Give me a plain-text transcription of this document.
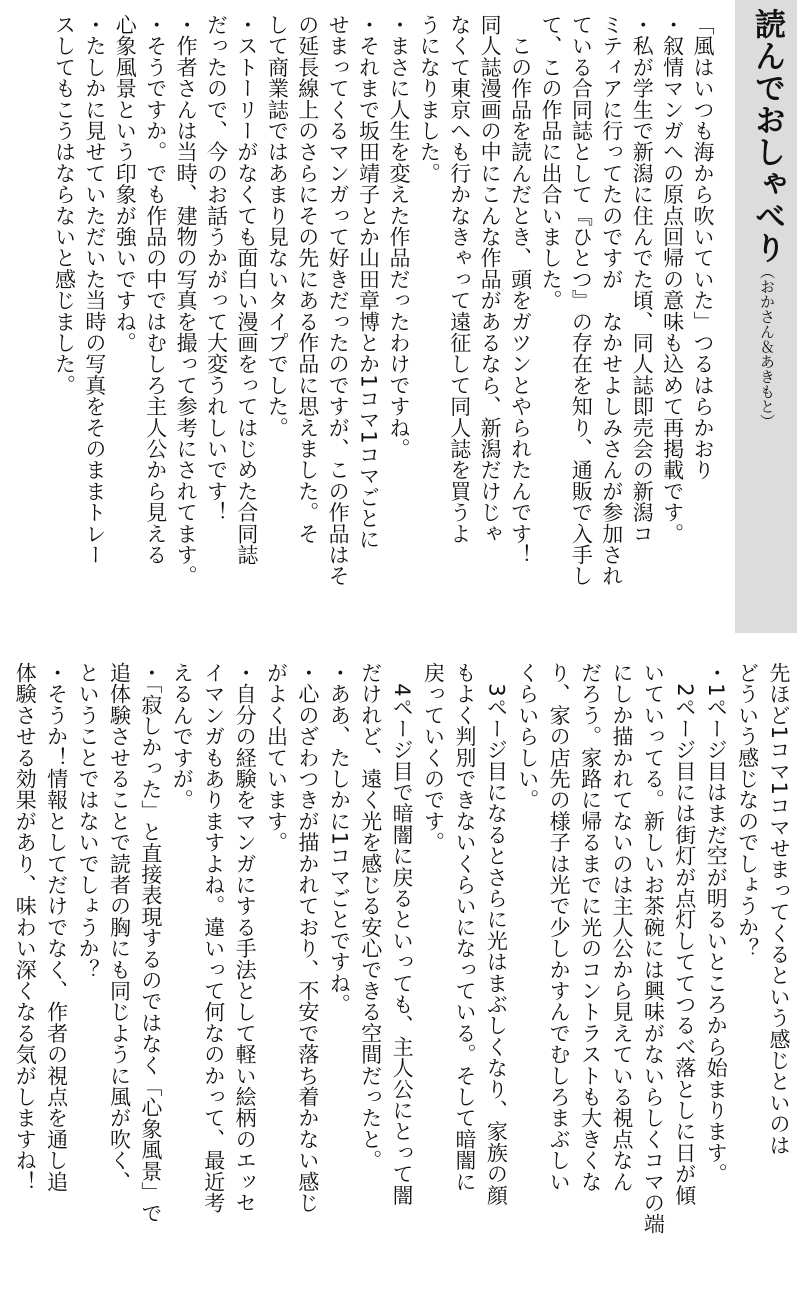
読んでおしゃべり（おかさん＆あきもと）
「風はいつも海から吹いていた」つるはらかおり
・叙情マンガへの原点回帰の意味も込めて再掲載です。
・私が学生で新潟に住んでた頃、同人誌即売会の新潟コ
ミティアに行ってたのですが　なかせよしみさんが参加され
ている合同誌として『ひとつ』の存在を知り、通販で入手し
て、この作品に出合いました。
　この作品を読んだとき、頭をガツンとやられたんです！
同人誌漫画の中にこんな作品があるなら、新潟だけじゃ
なくて東京へも行かなきゃって遠征して同人誌を買うよ
うになりました。
・まさに人生を変えた作品だったわけですね。
・それまで坂田靖子とか山田章博とか1コマ1コマごとに
せまってくるマンガって好きだったのですが、この作品はそ
の延長線上のさらにその先にある作品に思えました。そ
して商業誌ではあまり見ないタイプでした。
・ストーリーがなくても面白い漫画をってはじめた合同誌
だったので、今のお話うかがって大変うれしいです！
・作者さんは当時、建物の写真を撮って参考にされてます。
・そうですか。でも作品の中ではむしろ主人公から見える
心象風景という印象が強いですね。
・たしかに見せていただいた当時の写真をそのままトレー
スしてもこうはならないと感じました。
先ほど1コマ1コマせまってくるという感じといのは
どういう感じなのでしょうか？
・1ページ目はまだ空が明るいところから始まります。
　2ページ目には街灯が点灯しててつるべ落としに日が傾
いていってる。新しいお茶碗には興味がないらしくコマの端
にしか描かれてないのは主人公から見えている視点なん
だろう。家路に帰るまでに光のコントラストも大きくな
り、家の店先の様子は光で少しかすんでむしろまぶしい
くらいらしい。
　3ページ目になるとさらに光はまぶしくなり、家族の顔
もよく判別できないくらいになっている。そして暗闇に
戻っていくのです。
　4ページ目で暗闇に戻るといっても、主人公にとって闇
だけれど、遠く光を感じる安心できる空間だったと。
・ああ、たしかに1コマごとですね。
・心のざわつきが描かれており、不安で落ち着かない感じ
がよく出ています。
・自分の経験をマンガにする手法として軽い絵柄のエッセ
イマンガもありますよね。違いって何なのかって、最近考
えるんですが。
・「寂しかった」と直接表現するのではなく「心象風景」で
追体験させることで読者の胸にも同じように風が吹く、
ということではないでしょうか？
・そうか！情報としてだけでなく、作者の視点を通し追
体験させる効果があり、味わい深くなる気がしますね！
